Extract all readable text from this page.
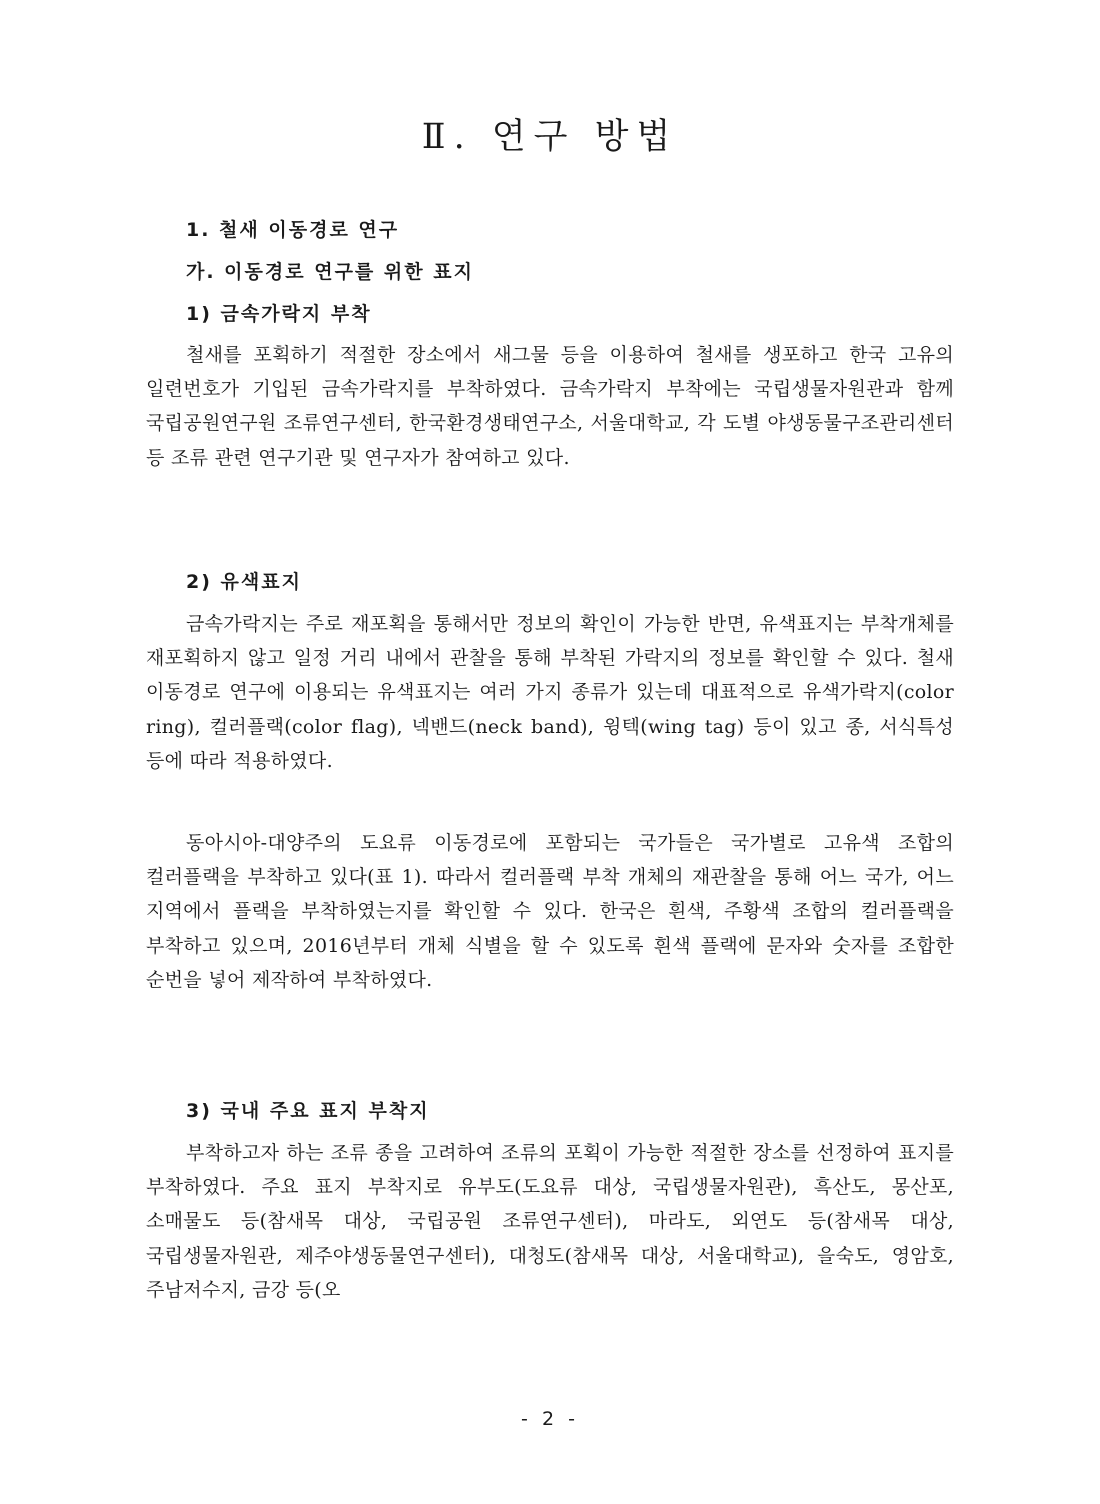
Ⅱ. 연구 방법
1. 철새 이동경로 연구
가. 이동경로 연구를 위한 표지
1) 금속가락지 부착

철새를 포획하기 적절한 장소에서 새그물 등을 이용하여 철새를 생포하고 한국 고유의 일련번호가 기입된 금속가락지를 부착하였다. 금속가락지 부착에는 국립생물자원관과 함께 국립공원연구원 조류연구센터, 한국환경생태연구소, 서울대학교, 각 도별 야생동물구조관리센터 등 조류 관련 연구기관 및 연구자가 참여하고 있다.

2) 유색표지

금속가락지는 주로 재포획을 통해서만 정보의 확인이 가능한 반면, 유색표지는 부착개체를 재포획하지 않고 일정 거리 내에서 관찰을 통해 부착된 가락지의 정보를 확인할 수 있다. 철새 이동경로 연구에 이용되는 유색표지는 여러 가지 종류가 있는데 대표적으로 유색가락지(color ring), 컬러플랙(color flag), 넥밴드(neck band), 윙텍(wing tag) 등이 있고 종, 서식특성 등에 따라 적용하였다.

동아시아-대양주의 도요류 이동경로에 포함되는 국가들은 국가별로 고유색 조합의 컬러플랙을 부착하고 있다(표 1). 따라서 컬러플랙 부착 개체의 재관찰을 통해 어느 국가, 어느 지역에서 플랙을 부착하였는지를 확인할 수 있다. 한국은 흰색, 주황색 조합의 컬러플랙을 부착하고 있으며, 2016년부터 개체 식별을 할 수 있도록 흰색 플랙에 문자와 숫자를 조합한 순번을 넣어 제작하여 부착하였다.

3) 국내 주요 표지 부착지

부착하고자 하는 조류 종을 고려하여 조류의 포획이 가능한 적절한 장소를 선정하여 표지를 부착하였다. 주요 표지 부착지로 유부도(도요류 대상, 국립생물자원관), 흑산도, 몽산포, 소매물도 등(참새목 대상, 국립공원 조류연구센터), 마라도, 외연도 등(참새목 대상, 국립생물자원관, 제주야생동물연구센터), 대청도(참새목 대상, 서울대학교), 을숙도, 영암호, 주남저수지, 금강 등(오

- 2 -
